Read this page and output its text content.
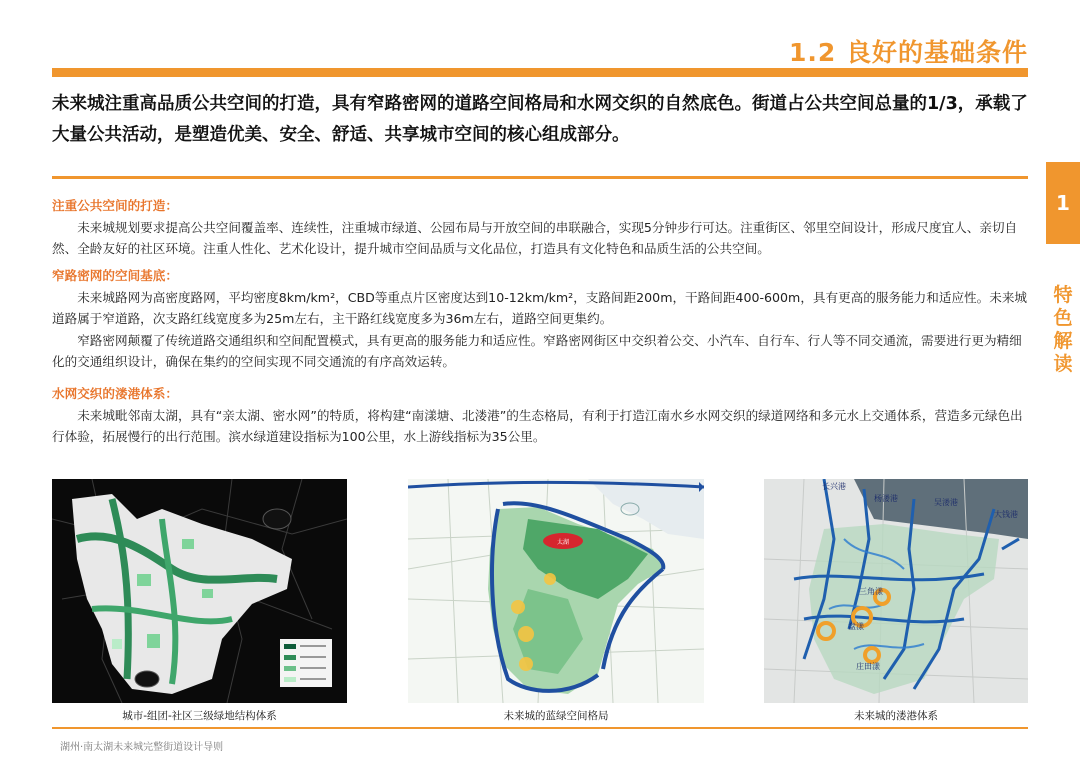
1.2 良好的基础条件
未来城注重高品质公共空间的打造，具有窄路密网的道路空间格局和水网交织的自然底色。街道占公共空间总量的1/3，承载了大量公共活动，是塑造优美、安全、舒适、共享城市空间的核心组成部分。
1
特色解读
注重公共空间的打造：

未来城规划要求提高公共空间覆盖率、连续性，注重城市绿道、公园布局与开放空间的串联融合，实现5分钟步行可达。注重街区、邻里空间设计，形成尺度宜人、亲切自然、全龄友好的社区环境。注重人性化、艺术化设计，提升城市空间品质与文化品位，打造具有文化特色和品质生活的公共空间。

窄路密网的空间基底：

未来城路网为高密度路网，平均密度8km/km²，CBD等重点片区密度达到10-12km/km²，支路间距200m，干路间距400-600m，具有更高的服务能力和适应性。未来城道路属于窄道路，次支路红线宽度多为25m左右，主干路红线宽度多为36m左右，道路空间更集约。

窄路密网颠覆了传统道路交通组织和空间配置模式，具有更高的服务能力和适应性。窄路密网街区中交织着公交、小汽车、自行车、行人等不同交通流，需要进行更为精细化的交通组织设计，确保在集约的空间实现不同交通流的有序高效运转。

水网交织的溇港体系：

未来城毗邻南太湖，具有“亲太湖、密水网”的特质，将构建“南漾塘、北溇港”的生态格局，有利于打造江南水乡水网交织的绿道网络和多元水上交通体系，营造多元绿色出行体验，拓展慢行的出行范围。滨水绿道建设指标为100公里，水上游线指标为35公里。

太湖
长兴港
杨溇港	吴溇港
大钱港
三角漾
盘漾
庄田漾
城市-组团-社区三级绿地结构体系	未来城的蓝绿空间格局	未来城的溇港体系
湖州·南太湖未来城完整街道设计导则
